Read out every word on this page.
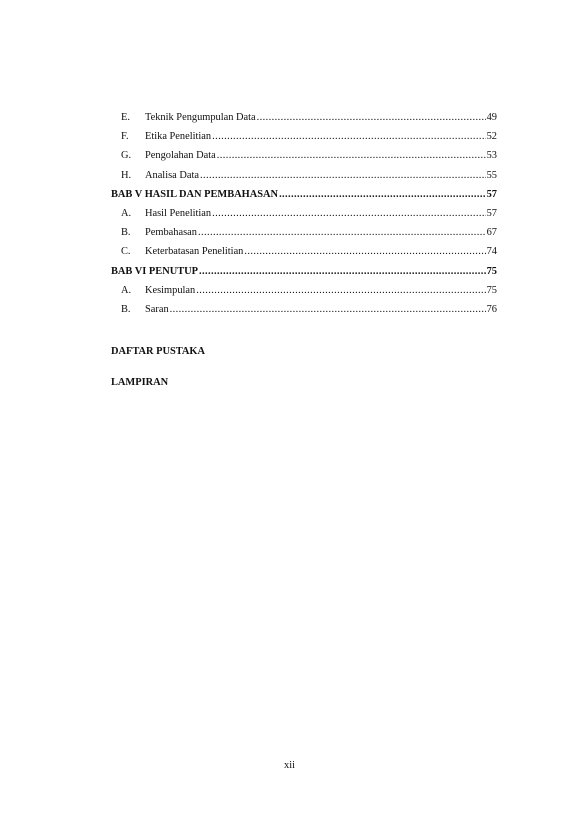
E.	Teknik Pengumpulan Data .....	49
F.	Etika Penelitian .....	52
G.	Pengolahan Data .....	53
H.	Analisa Data .....	55
BAB V HASIL DAN PEMBAHASAN .....	57
A.	Hasil Penelitian .....	57
B.	Pembahasan .....	67
C.	Keterbatasan Penelitian .....	74
BAB VI PENUTUP .....	75
A.	Kesimpulan .....	75
B.	Saran .....	76
DAFTAR PUSTAKA
LAMPIRAN
xii
